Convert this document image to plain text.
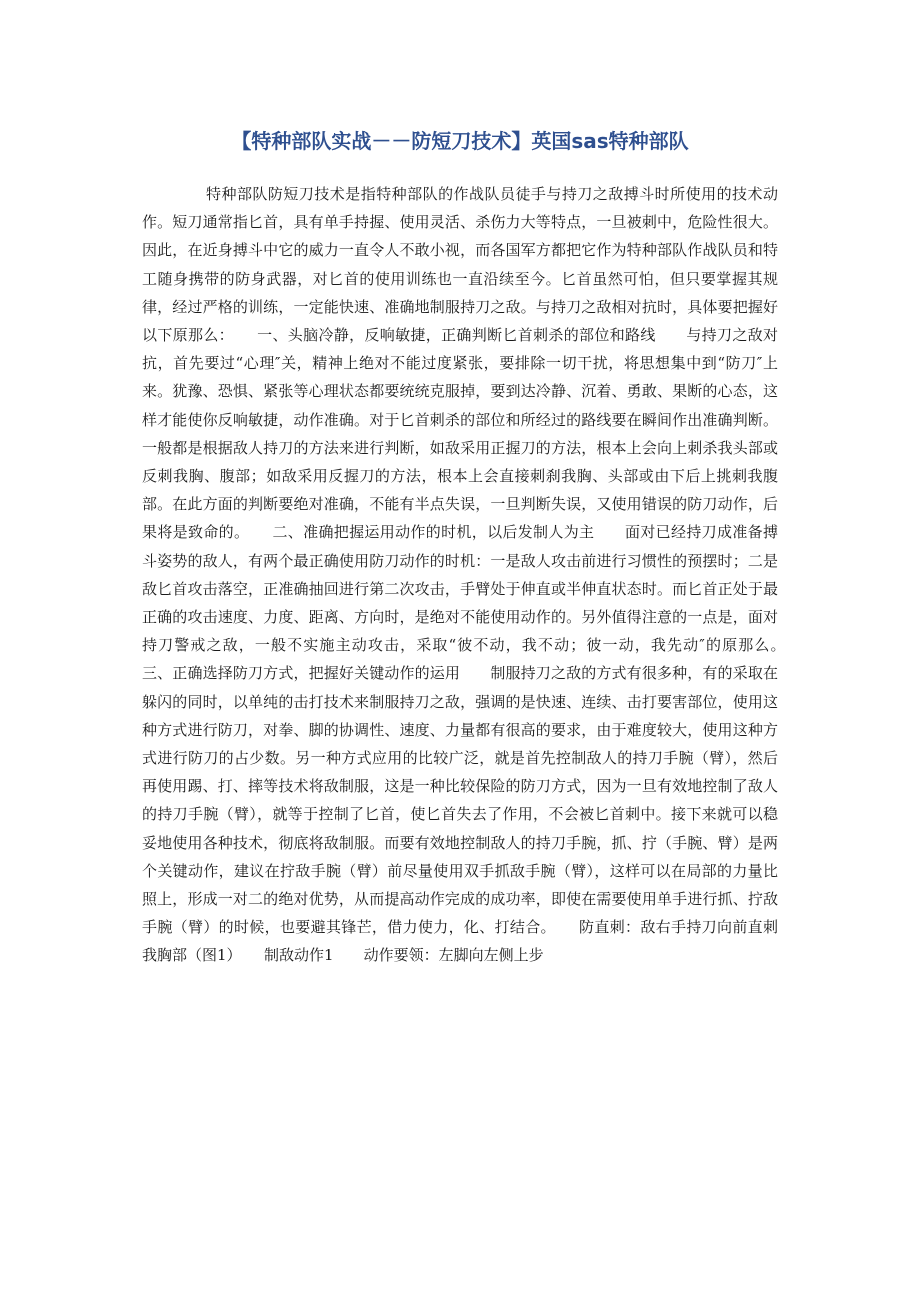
【特种部队实战－－防短刀技术】英国sas特种部队

特种部队防短刀技术是指特种部队的作战队员徒手与持刀之敌搏斗时所使用的技术动作。短刀通常指匕首，具有单手持握、使用灵活、杀伤力大等特点，一旦被刺中，危险性很大。因此，在近身搏斗中它的威力一直令人不敢小视，而各国军方都把它作为特种部队作战队员和特工随身携带的防身武器，对匕首的使用训练也一直沿续至今。匕首虽然可怕，但只要掌握其规律，经过严格的训练，一定能快速、准确地制服持刀之敌。与持刀之敌相对抗时，具体要把握好以下原那么：　　一、头脑冷静，反响敏捷，正确判断匕首刺杀的部位和路线　　与持刀之敌对抗，首先要过“心理″关，精神上绝对不能过度紧张，要排除一切干扰，将思想集中到“防刀″上来。犹豫、恐惧、紧张等心理状态都要统统克服掉，要到达冷静、沉着、勇敢、果断的心态，这样才能使你反响敏捷，动作准确。对于匕首刺杀的部位和所经过的路线要在瞬间作出准确判断。一般都是根据敌人持刀的方法来进行判断，如敌采用正握刀的方法，根本上会向上刺杀我头部或反刺我胸、腹部；如敌采用反握刀的方法，根本上会直接刺刹我胸、头部或由下后上挑刺我腹部。在此方面的判断要绝对准确，不能有半点失误，一旦判断失误，又使用错误的防刀动作，后果将是致命的。　　二、准确把握运用动作的时机，以后发制人为主　　面对已经持刀成准备搏斗姿势的敌人，有两个最正确使用防刀动作的时机：一是敌人攻击前进行习惯性的预摆时；二是敌匕首攻击落空，正准确抽回进行第二次攻击，手臂处于伸直或半伸直状态时。而匕首正处于最正确的攻击速度、力度、距离、方向时，是绝对不能使用动作的。另外值得注意的一点是，面对持刀警戒之敌，一般不实施主动攻击，采取“彼不动，我不动；彼一动，我先动″的原那么。　　三、正确选择防刀方式，把握好关键动作的运用　　制服持刀之敌的方式有很多种，有的采取在躲闪的同时，以单纯的击打技术来制服持刀之敌，强调的是快速、连续、击打要害部位，使用这种方式进行防刀，对拳、脚的协调性、速度、力量都有很高的要求，由于难度较大，使用这种方式进行防刀的占少数。另一种方式应用的比较广泛，就是首先控制敌人的持刀手腕（臂），然后再使用踢、打、摔等技术将敌制服，这是一种比较保险的防刀方式，因为一旦有效地控制了敌人的持刀手腕（臂），就等于控制了匕首，使匕首失去了作用，不会被匕首刺中。接下来就可以稳妥地使用各种技术，彻底将敌制服。而要有效地控制敌人的持刀手腕，抓、拧（手腕、臂）是两个关键动作，建议在拧敌手腕（臂）前尽量使用双手抓敌手腕（臂），这样可以在局部的力量比照上，形成一对二的绝对优势，从而提高动作完成的成功率，即使在需要使用单手进行抓、拧敌手腕（臂）的时候，也要避其锋芒，借力使力，化、打结合。　　防直刺：敌右手持刀向前直刺我胸部（图1）　　制敌动作1　　动作要领：左脚向左侧上步
